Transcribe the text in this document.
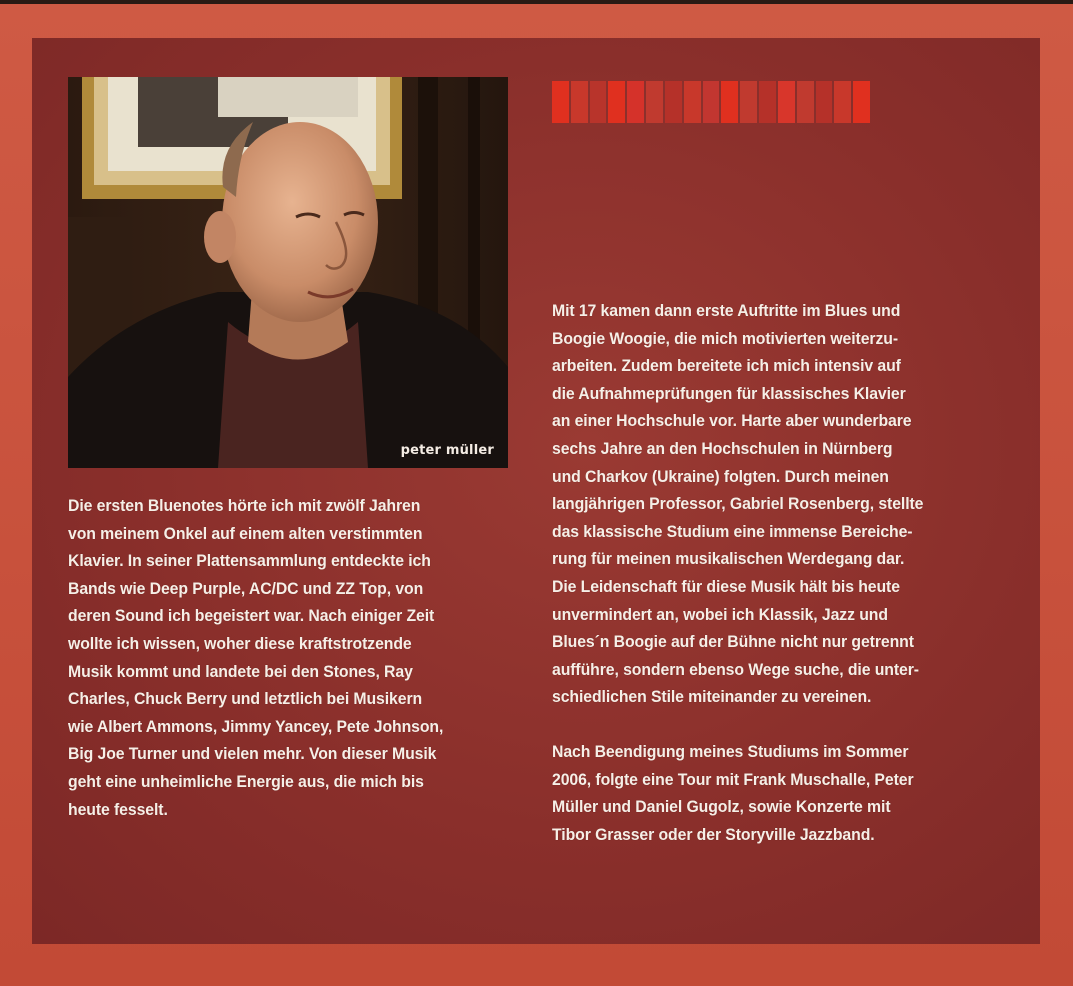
peter müller
Die ersten Bluenotes hörte ich mit zwölf Jahren
von meinem Onkel auf einem alten verstimmten
Klavier. In seiner Plattensammlung entdeckte ich
Bands wie Deep Purple, AC/DC und ZZ Top, von
deren Sound ich begeistert war. Nach einiger Zeit
wollte ich wissen, woher diese kraftstrotzende
Musik kommt und landete bei den Stones, Ray
Charles, Chuck Berry und letztlich bei Musikern
wie Albert Ammons, Jimmy Yancey, Pete Johnson,
Big Joe Turner und vielen mehr. Von dieser Musik
geht eine unheimliche Energie aus, die mich bis
heute fesselt.
Mit 17 kamen dann erste Auftritte im Blues und
Boogie Woogie, die mich motivierten weiterzu-
arbeiten. Zudem bereitete ich mich intensiv auf
die Aufnahmeprüfungen für klassisches Klavier
an einer Hochschule vor. Harte aber wunderbare
sechs Jahre an den Hochschulen in Nürnberg
und Charkov (Ukraine) folgten. Durch meinen
langjährigen Professor, Gabriel Rosenberg, stellte
das klassische Studium eine immense Bereiche-
rung für meinen musikalischen Werdegang dar.
Die Leidenschaft für diese Musik hält bis heute
unvermindert an, wobei ich Klassik, Jazz und
Blues´n Boogie auf der Bühne nicht nur getrennt
aufführe, sondern ebenso Wege suche, die unter-
schiedlichen Stile miteinander zu vereinen.
Nach Beendigung meines Studiums im Sommer
2006, folgte eine Tour mit Frank Muschalle, Peter
Müller und Daniel Gugolz, sowie Konzerte mit
Tibor Grasser oder der Storyville Jazzband.
